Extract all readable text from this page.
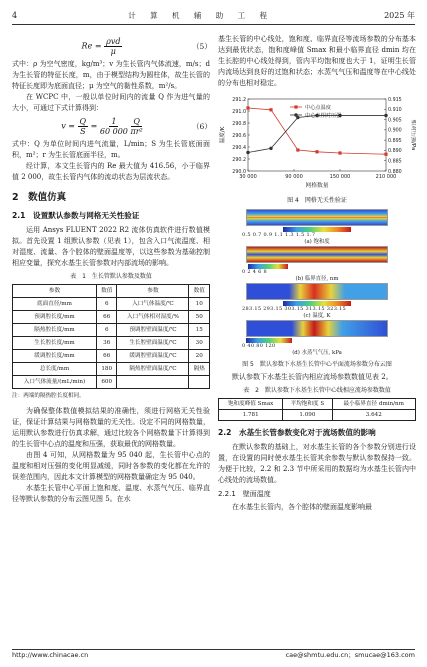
4	计 算 机 辅 助 工 程	2025 年
$Re = \frac{\text{ρvd}}{\mu}$	（5）

式中：ρ 为空气密度，kg/m³；v 为生长管内气体流速，m/s；d 为生长管的特征长度，m，由于模型结构为圆柱体，故生长管的特征长度即为底面直径；μ 为空气的黏性系数，m²/s。

在 WCPC 中，一般以单位时间内的流量 Q 作为进气量的大小，可通过下式计算得到：

$v = \frac{Q}{S} = \frac{1}{60 000}$
$\frac{Q}{\text{πr²}}$	（6）

式中：Q 为单位时间内进气流量，L/min；S 为生长管底面面积，m²；r 为生长管底面半径，m。

经计算，本文生长管内的 Re 最大值为 416.56，小于临界值 2 000，故生长管内气体的流动状态为层流状态。

2　数值仿真
2.1　设置默认参数与网格无关性验证

运用 Ansys FLUENT 2022 R2 流体仿真软件进行数值模拟。首先设置 1 组默认参数（见表 1），包含入口气流温度、相对湿度、流量、各个腔体的壁面温度等，以这些参数为基础控制相应变量，探究水基生长管参数对内部流场的影响。

表　1　生长管默认参数及数值
参数	数值	参数	数值
底面直径/mm	6	入口气体温度/℃	10
预调腔长度/mm	66	入口气体相对湿度/%	50
隔热腔长度/mm	6	预调腔壁面温度/℃	15
生长腔长度/mm	36	生长腔壁面温度/℃	30
缓调腔长度/mm	66	缓调腔壁面温度/℃	20
总长度/mm	180	隔热腔壁面温度/℃	隔热
入口气体流量/(mL/min)	600		
注：两端的隔热腔长度相同。

为确保整体数值模拟结果的准确性，须进行网格无关性验证，保证计算结果与网格数量的无关性。设定不同的网格数量，运用默认参数进行仿真求解，通过比较各个网格数量下计算得到的生长管中心点的温度和压强，获取最优的网格数量。

由图 4 可知，从网格数量为 95 040 起，生长管中心点的温度和相对压强的变化明显减缓，同时各参数的变化都在允许的误差范围内，因此本文计算模型的网格数量确定为 95 040。

水基生长管中心平面上饱和度、温度、水蒸气气压、临界直径等默认参数的分布云图见图 5。在水

基生长管的中心线处，饱和度、临界直径等流场参数的分布基本达到最优状态，饱和度峰值 Smax 和最小临界直径 dmin 均在生长腔的中心线处得到，管内平均饱和度也大于 1，证明生长管内流场达到良好的过饱和状态；水蒸气气压和温度等在中心线处的分布也相对稳定。

30 000	90 000	150 000	210 000
290.0
290.2
290.4
290.6
290.8
291.0
291.2
0.880
0.885
0.890
0.895
0.900
0.905
0.910
0.915
网格数量
温度/K	相对压强/Pa
中心点温度
中心点相对压强
图 4　网格无关性验证
0.5 0.7 0.9 1.1 1.3 1.5 1.7
(a) 饱和度
0 2 4 6 8
(b) 临界直径, nm
283.15 293.15 303.15 313.15 323.15
(c) 温度, K
0 40 80 120
(d) 水蒸气气压, kPa
图 5　默认参数下水基生长管中心平面流场参数分布云图

默认参数下水基生长管内相应流场参数数值见表 2。

表　2　默认参数下水基生长管中心线相应流场参数数值
饱和度峰值 Smax	平均饱和度 S	最小临界直径 dmin/nm
1.781	1.090	3.642
2.2　水基生长管参数变化对于流场数值的影响

在默认参数的基础上，对水基生长管的各个参数分别进行设置，在设置的同时使水基生长管其余参数与默认参数保持一致。为便于比较，2.2 和 2.3 节中所采用的数据均为水基生长管内中心线处的流场数值。

2.2.1　壁面温度

在水基生长管内，各个腔体的壁面温度影响最

http://www.chinacae.cn	cae@shmtu.edu.cn；smucae@163.com
